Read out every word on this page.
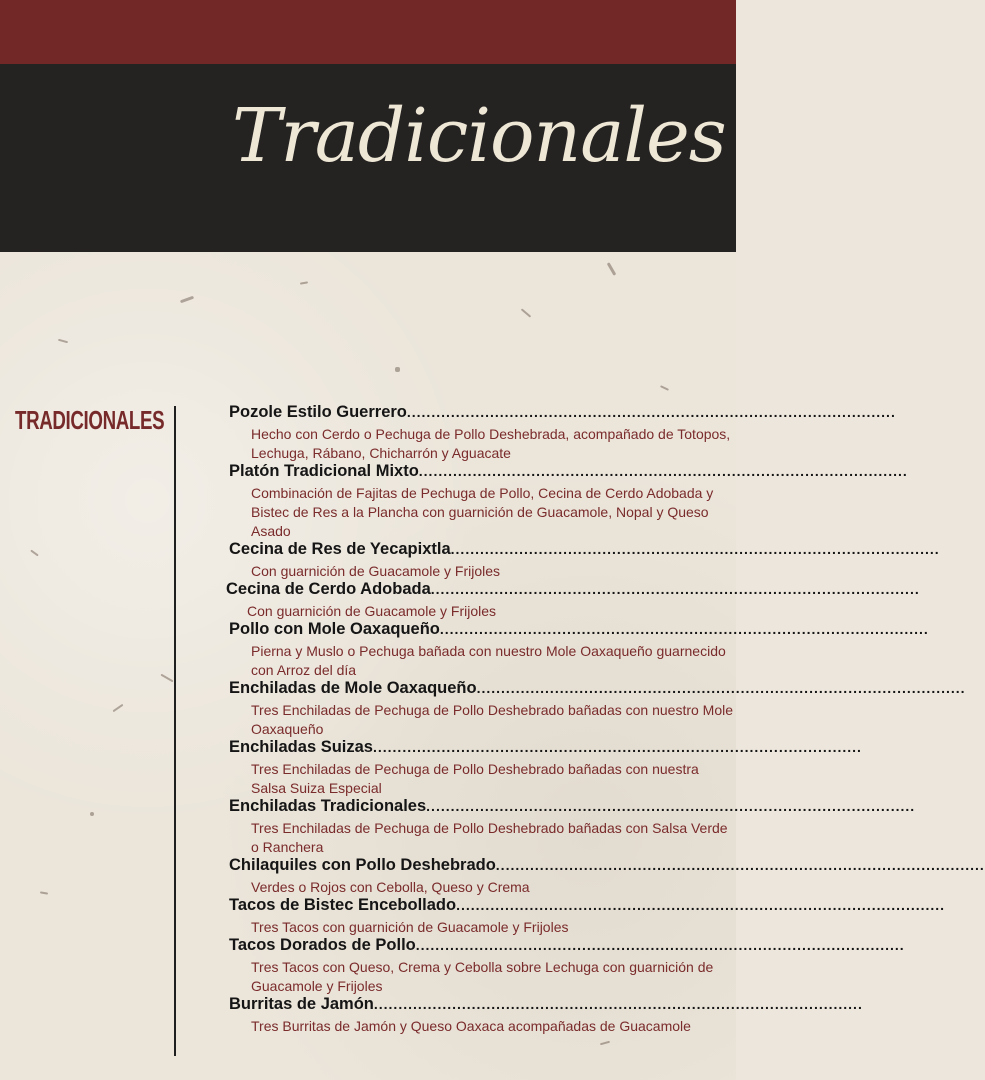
Tradicionales
TRADICIONALES	Pozole Estilo Guerrero ....................................................................................................
Hecho con Cerdo o Pechuga de Pollo Deshebrada, acompañado de Totopos, Lechuga, Rábano, Chicharrón y Aguacate
Platón Tradicional Mixto ....................................................................................................
Combinación de Fajitas de Pechuga de Pollo, Cecina de Cerdo Adobada y Bistec de Res a la Plancha con guarnición de Guacamole, Nopal y Queso Asado
Cecina de Res de Yecapixtla ....................................................................................................
Con guarnición de Guacamole y Frijoles
Cecina de Cerdo Adobada ....................................................................................................
Con guarnición de Guacamole y Frijoles
Pollo con Mole Oaxaqueño ....................................................................................................
Pierna y Muslo o Pechuga bañada con nuestro Mole Oaxaqueño guarnecido con Arroz del día
Enchiladas de Mole Oaxaqueño ....................................................................................................
Tres Enchiladas de Pechuga de Pollo Deshebrado bañadas con nuestro Mole Oaxaqueño
Enchiladas Suizas ....................................................................................................
Tres Enchiladas de Pechuga de Pollo Deshebrado bañadas con nuestra Salsa Suiza Especial
Enchiladas Tradicionales ....................................................................................................
Tres Enchiladas de Pechuga de Pollo Deshebrado bañadas con Salsa Verde o Ranchera
Chilaquiles con Pollo Deshebrado ....................................................................................................
Verdes o Rojos con Cebolla, Queso y Crema
Tacos de Bistec Encebollado ....................................................................................................
Tres Tacos con guarnición de Guacamole y Frijoles
Tacos Dorados de Pollo ....................................................................................................
Tres Tacos con Queso, Crema y Cebolla sobre Lechuga con guarnición de Guacamole y Frijoles
Burritas de Jamón ....................................................................................................
Tres Burritas de Jamón y Queso Oaxaca acompañadas de Guacamole
